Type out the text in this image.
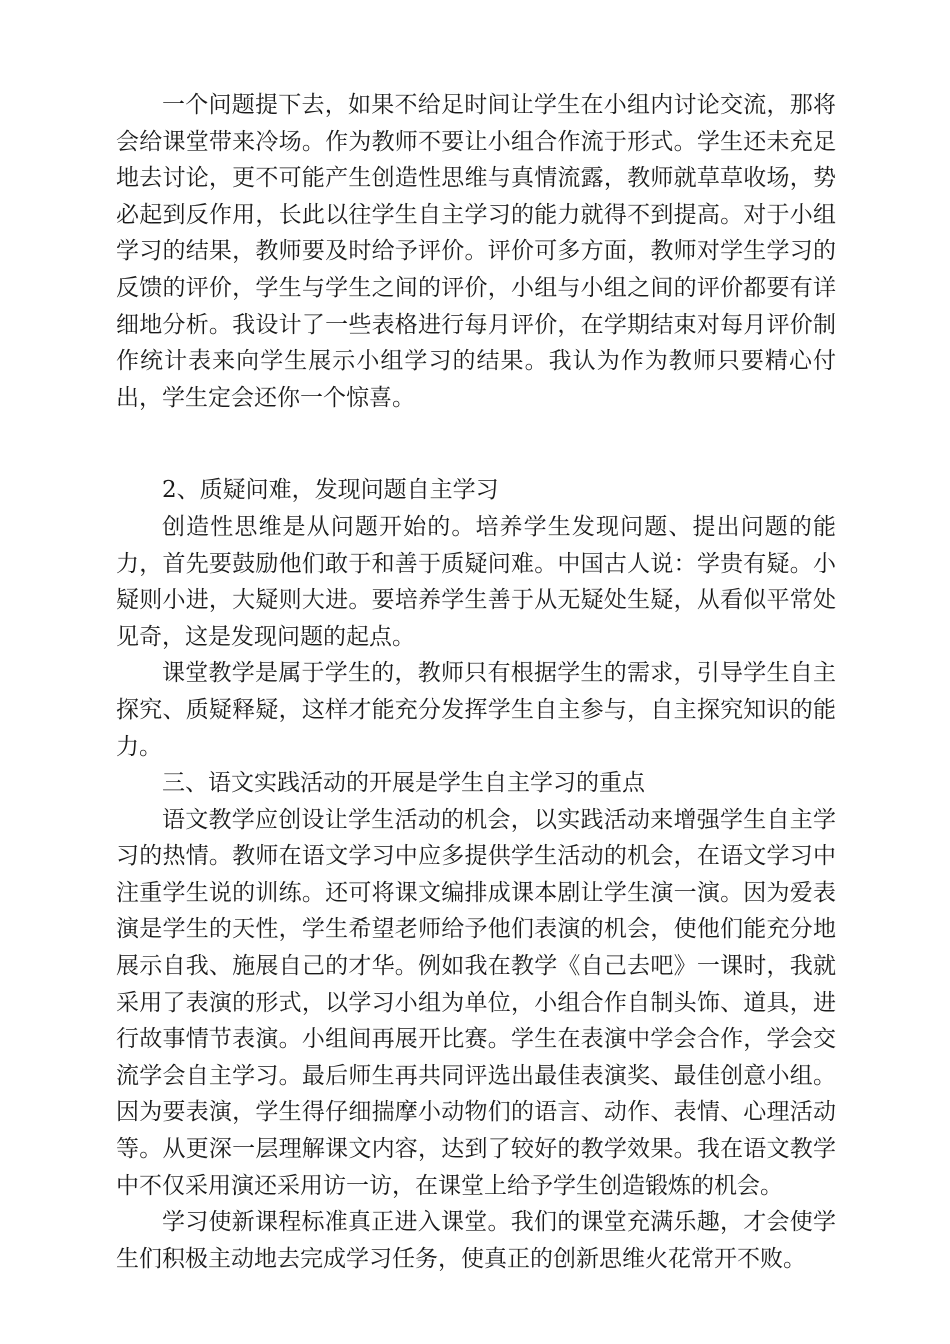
一个问题提下去，如果不给足时间让学生在小组内讨论交流，那将会给课堂带来冷场。作为教师不要让小组合作流于形式。学生还未充足地去讨论，更不可能产生创造性思维与真情流露，教师就草草收场，势必起到反作用，长此以往学生自主学习的能力就得不到提高。对于小组学习的结果，教师要及时给予评价。评价可多方面，教师对学生学习的反馈的评价，学生与学生之间的评价，小组与小组之间的评价都要有详细地分析。我设计了一些表格进行每月评价，在学期结束对每月评价制作统计表来向学生展示小组学习的结果。我认为作为教师只要精心付出，学生定会还你一个惊喜。

2、质疑问难，发现问题自主学习

创造性思维是从问题开始的。培养学生发现问题、提出问题的能力，首先要鼓励他们敢于和善于质疑问难。中国古人说：学贵有疑。小疑则小进，大疑则大进。要培养学生善于从无疑处生疑，从看似平常处见奇，这是发现问题的起点。

课堂教学是属于学生的，教师只有根据学生的需求，引导学生自主探究、质疑释疑，这样才能充分发挥学生自主参与，自主探究知识的能力。

三、语文实践活动的开展是学生自主学习的重点

语文教学应创设让学生活动的机会，以实践活动来增强学生自主学习的热情。教师在语文学习中应多提供学生活动的机会，在语文学习中注重学生说的训练。还可将课文编排成课本剧让学生演一演。因为爱表演是学生的天性，学生希望老师给予他们表演的机会，使他们能充分地展示自我、施展自己的才华。例如我在教学《自己去吧》一课时，我就采用了表演的形式，以学习小组为单位，小组合作自制头饰、道具，进行故事情节表演。小组间再展开比赛。学生在表演中学会合作，学会交流学会自主学习。最后师生再共同评选出最佳表演奖、最佳创意小组。因为要表演，学生得仔细揣摩小动物们的语言、动作、表情、心理活动等。从更深一层理解课文内容，达到了较好的教学效果。我在语文教学中不仅采用演还采用访一访，在课堂上给予学生创造锻炼的机会。

学习使新课程标准真正进入课堂。我们的课堂充满乐趣，才会使学生们积极主动地去完成学习任务，使真正的创新思维火花常开不败。
